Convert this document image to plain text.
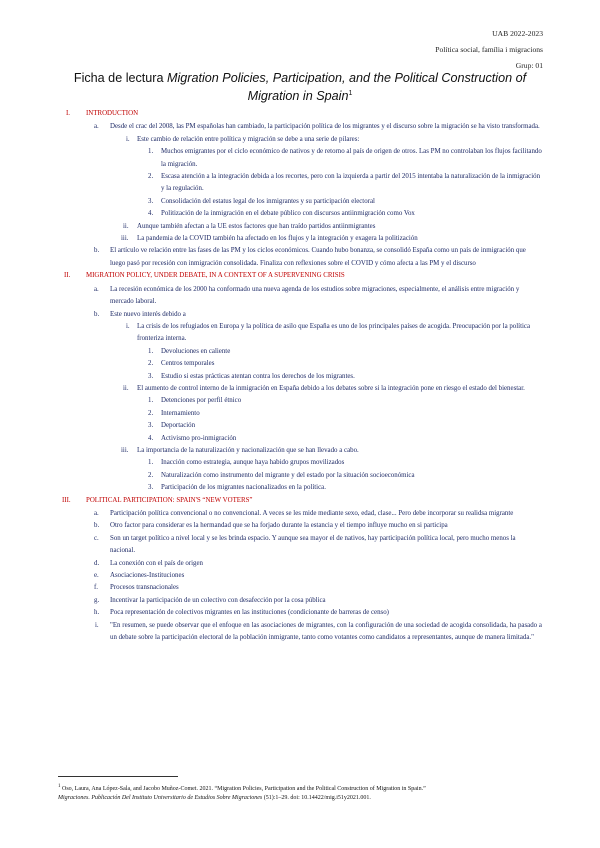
UAB 2022-2023
Política social, família i migracions
Grup: 01
Ficha de lectura Migration Policies, Participation, and the Political Construction of Migration in Spain$^1$
I. INTRODUCTION
a. Desde el crac del 2008, las PM españolas han cambiado, la participación política de los migrantes y el discurso sobre la migración se ha visto transformada.
i. Este cambio de relación entre política y migración se debe a una serie de pilares:
1. Muchos emigrantes por el ciclo económico de nativos y de retorno al país de origen de otros. Las PM no controlaban los flujos facilitando la migración.
2. Escasa atención a la integración debida a los recortes, pero con la izquierda a partir del 2015 intentaba la naturalización de la inmigración y la regulación.
3. Consolidación del estatus legal de los inmigrantes y su participación electoral
4. Politización de la inmigración en el debate público con discursos antiinmigración como Vox
ii. Aunque también afectan a la UE estos factores que han traído partidos antiinmigrantes
iii. La pandemia de la COVID también ha afectado en los flujos y la integración y exagera la politización
b. El artículo ve relación entre las fases de las PM y los ciclos económicos. Cuando hubo bonanza, se consolidó España como un país de inmigración que luego pasó por recesión con inmigración consolidada. Finaliza con reflexiones sobre el COVID y cómo afecta a las PM y el discurso
II. MIGRATION POLICY, UNDER DEBATE, IN A CONTEXT OF A SUPERVENING CRISIS
a. La recesión económica de los 2000 ha conformado una nueva agenda de los estudios sobre migraciones, especialmente, el análisis entre migración y mercado laboral.
b. Este nuevo interés debido a
i. La crisis de los refugiados en Europa y la política de asilo que España es uno de los principales países de acogida. Preocupación por la política fronteriza interna.
1. Devoluciones en caliente
2. Centros temporales
3. Estudio si estas prácticas atentan contra los derechos de los migrantes.
ii. El aumento de control interno de la inmigración en España debido a los debates sobre si la integración pone en riesgo el estado del bienestar.
1. Detenciones por perfil étnico
2. Internamiento
3. Deportación
4. Activismo pro-inmigración
iii. La importancia de la naturalización y nacionalización que se han llevado a cabo.
1. Inacción como estrategia, aunque haya habido grupos movilizados
2. Naturalización como instrumento del migrante y del estado por la situación socioeconómica
3. Participación de los migrantes nacionalizados en la política.
III. POLITICAL PARTICIPATION: SPAIN'S “NEW VOTERS”
a. Participación política convencional o no convencional. A veces se les mide mediante sexo, edad, clase... Pero debe incorporar su realidsa migrante
b. Otro factor para considerar es la hermandad que se ha forjado durante la estancia y el tiempo influye mucho en si participa
c. Son un target político a nivel local y se les brinda espacio. Y aunque sea mayor el de nativos, hay participación política local, pero mucho menos la nacional.
d. La conexión con el país de origen
e. Asociaciones-Instituciones
f. Procesos transnacionales
g. Incentivar la participación de un colectivo con desafección por la cosa pública
h. Poca representación de colectivos migrantes en las instituciones (condicionante de barreras de censo)
i. "En resumen, se puede observar que el enfoque en las asociaciones de migrantes, con la configuración de una sociedad de acogida consolidada, ha pasado a un debate sobre la participación electoral de la población inmigrante, tanto como votantes como candidatos a representantes, aunque de manera limitada."
$^1$ Oso, Laura, Ana López-Sala, and Jacobo Muñoz-Comet. 2021. “Migration Policies, Participation and the Political Construction of Migration in Spain.”
Migraciones. Publicación Del Instituto Universitario de Estudios Sobre Migraciones (51):1–29. doi: 10.14422/mig.i51y2021.001.
